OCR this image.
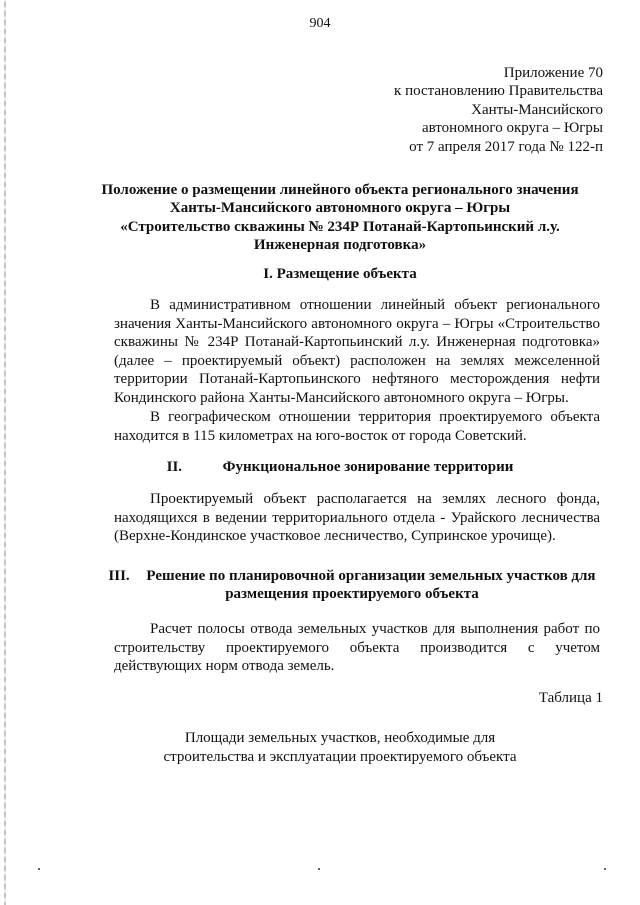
904
Приложение 70
к постановлению Правительства
Ханты-Мансийского
автономного округа – Югры
от 7 апреля 2017 года № 122-п
Положение о размещении линейного объекта регионального значения
Ханты-Мансийского автономного округа – Югры
«Строительство скважины № 234Р Потанай-Картопьинский л.у.
Инженерная подготовка»
I. Размещение объекта
В административном отношении линейный объект регионального значения Ханты-Мансийского автономного округа – Югры «Строительство скважины № 234Р Потанай-Картопьинский л.у. Инженерная подготовка» (далее – проектируемый объект) расположен на землях межселенной территории Потанай-Картопьинского нефтяного месторождения нефти Кондинского района Ханты-Мансийского автономного округа – Югры.
В географическом отношении территория проектируемого объекта находится в 115 километрах на юго-восток от города Советский.
II.	Функциональное зонирование территории
Проектируемый объект располагается на землях лесного фонда, находящихся в ведении территориального отдела - Урайского лесничества (Верхне-Кондинское участковое лесничество, Супринское урочище).
III. Решение по планировочной организации земельных участков для
размещения проектируемого объекта
Расчет полосы отвода земельных участков для выполнения работ по строительству проектируемого объекта производится с учетом действующих норм отвода земель.
Таблица 1
Площади земельных участков, необходимые для
строительства и эксплуатации проектируемого объекта
